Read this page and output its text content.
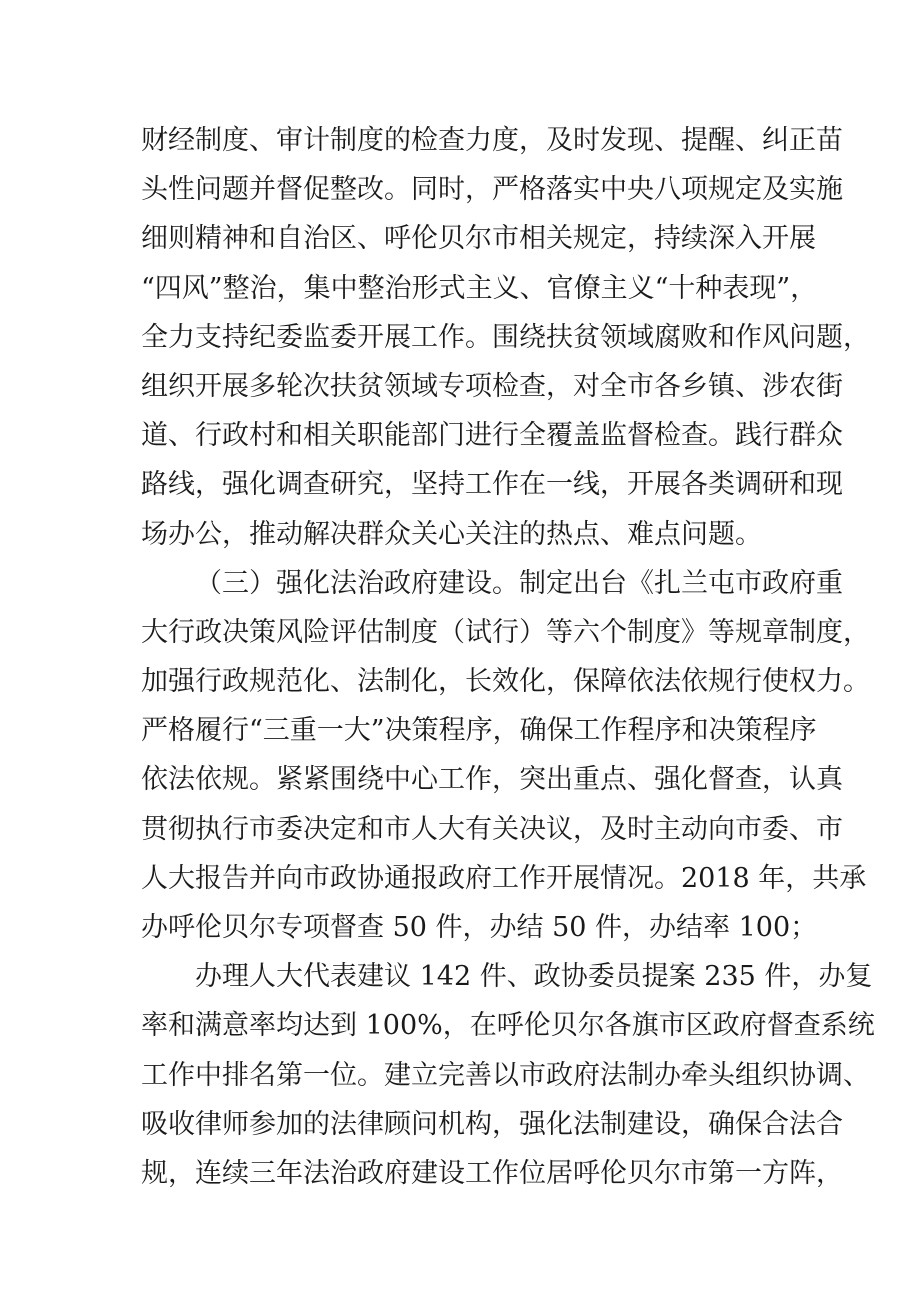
财经制度、审计制度的检查力度，及时发现、提醒、纠正苗
头性问题并督促整改。同时，严格落实中央八项规定及实施
细则精神和自治区、呼伦贝尔市相关规定，持续深入开展
“四风”整治，集中整治形式主义、官僚主义“十种表现”，
全力支持纪委监委开展工作。围绕扶贫领域腐败和作风问题，
组织开展多轮次扶贫领域专项检查，对全市各乡镇、涉农街
道、行政村和相关职能部门进行全覆盖监督检查。践行群众
路线，强化调查研究，坚持工作在一线，开展各类调研和现
场办公，推动解决群众关心关注的热点、难点问题。
（三）强化法治政府建设。制定出台《扎兰屯市政府重
大行政决策风险评估制度（试行）等六个制度》等规章制度，
加强行政规范化、法制化，长效化，保障依法依规行使权力。
严格履行“三重一大”决策程序，确保工作程序和决策程序
依法依规。紧紧围绕中心工作，突出重点、强化督查，认真
贯彻执行市委决定和市人大有关决议，及时主动向市委、市
人大报告并向市政协通报政府工作开展情况。2018 年，共承
办呼伦贝尔专项督查 50 件，办结 50 件，办结率 100；
办理人大代表建议 142 件、政协委员提案 235 件，办复
率和满意率均达到 100%，在呼伦贝尔各旗市区政府督查系统
工作中排名第一位。建立完善以市政府法制办牵头组织协调、
吸收律师参加的法律顾问机构，强化法制建设，确保合法合
规，连续三年法治政府建设工作位居呼伦贝尔市第一方阵，
